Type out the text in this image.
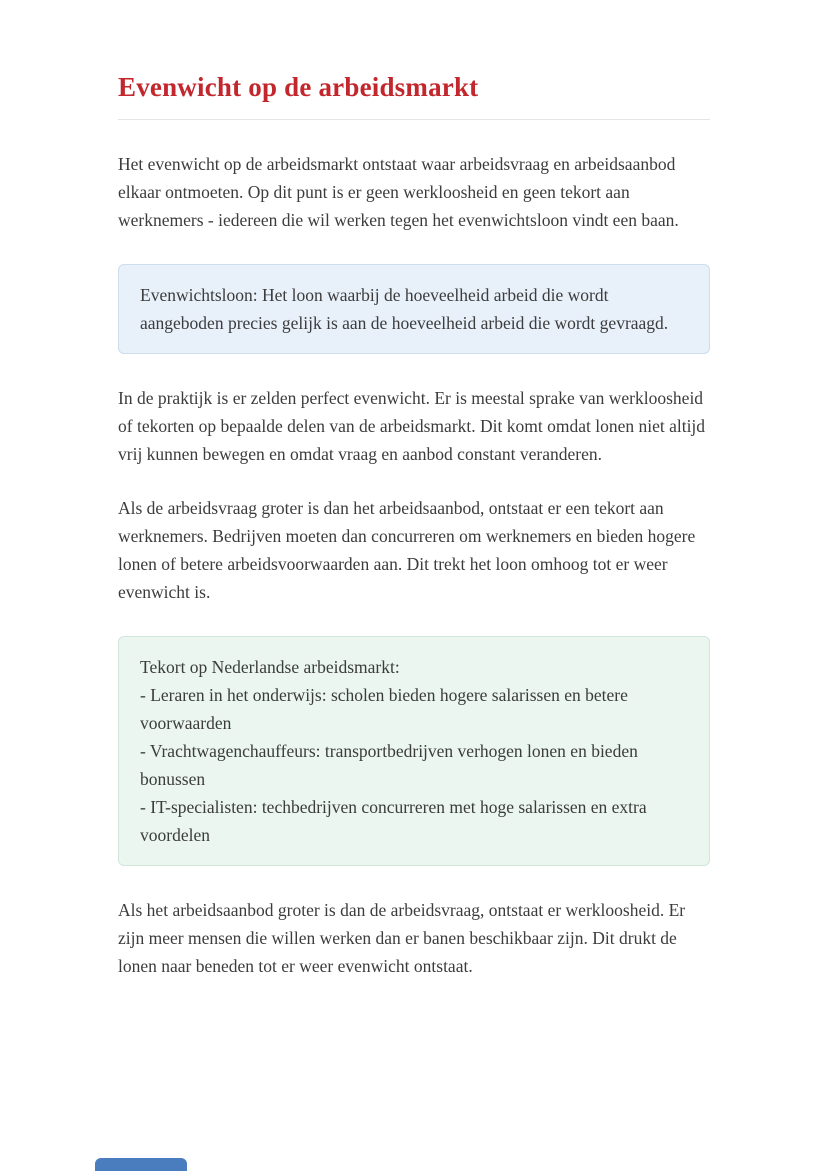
Evenwicht op de arbeidsmarkt

Het evenwicht op de arbeidsmarkt ontstaat waar arbeidsvraag en arbeidsaanbod elkaar ontmoeten. Op dit punt is er geen werkloosheid en geen tekort aan werknemers - iedereen die wil werken tegen het evenwichtsloon vindt een baan.

Evenwichtsloon: Het loon waarbij de hoeveelheid arbeid die wordt aangeboden precies gelijk is aan de hoeveelheid arbeid die wordt gevraagd.

In de praktijk is er zelden perfect evenwicht. Er is meestal sprake van werkloosheid of tekorten op bepaalde delen van de arbeidsmarkt. Dit komt omdat lonen niet altijd vrij kunnen bewegen en omdat vraag en aanbod constant veranderen.

Als de arbeidsvraag groter is dan het arbeidsaanbod, ontstaat er een tekort aan werknemers. Bedrijven moeten dan concurreren om werknemers en bieden hogere lonen of betere arbeidsvoorwaarden aan. Dit trekt het loon omhoog tot er weer evenwicht is.

Tekort op Nederlandse arbeidsmarkt:
- Leraren in het onderwijs: scholen bieden hogere salarissen en betere voorwaarden
- Vrachtwagenchauffeurs: transportbedrijven verhogen lonen en bieden bonussen
- IT-specialisten: techbedrijven concurreren met hoge salarissen en extra voordelen

Als het arbeidsaanbod groter is dan de arbeidsvraag, ontstaat er werkloosheid. Er zijn meer mensen die willen werken dan er banen beschikbaar zijn. Dit drukt de lonen naar beneden tot er weer evenwicht ontstaat.
